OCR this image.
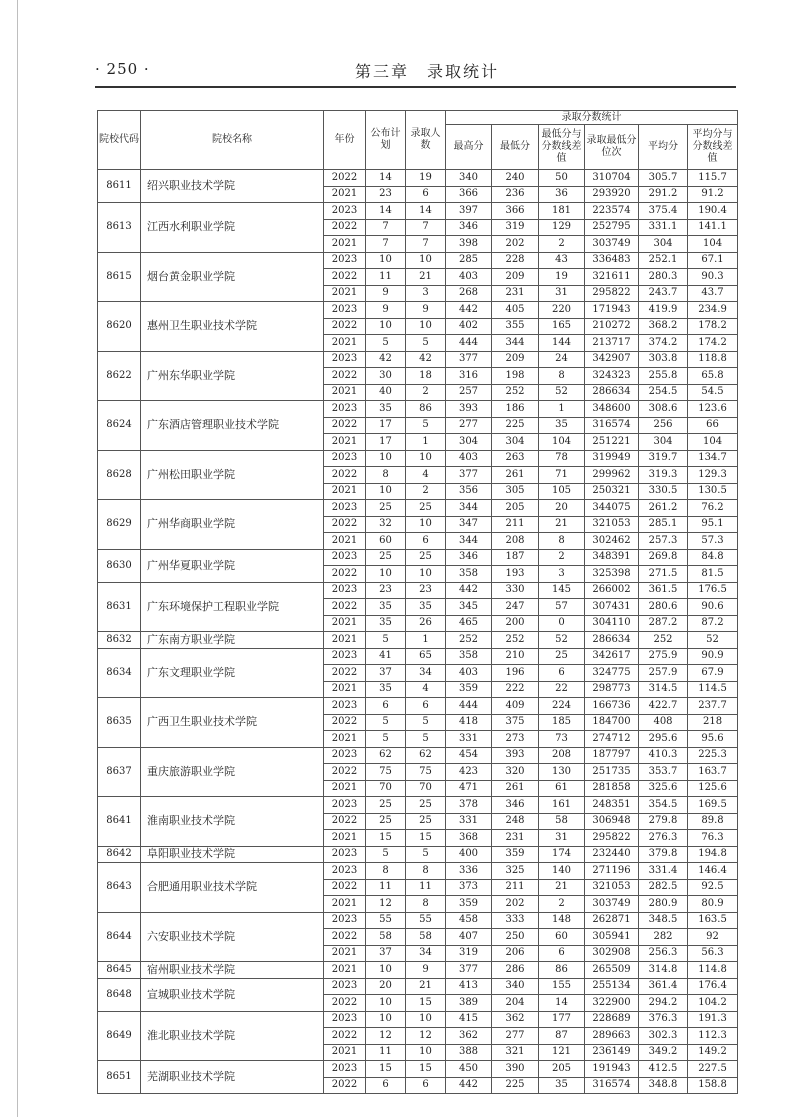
· 250 ·	第三章　录取统计
院校代码	院校名称	年份	公布计划	录取人数	录取分数统计					
					最高分	最低分	最低分与分数线差值	录取最低分位次	平均分	平均分与分数线差值
8611	绍兴职业技术学院	2022	14	19	340	240	50	310704	305.7	115.7
		2021	23	6	366	236	36	293920	291.2	91.2
8613	江西水利职业学院	2023	14	14	397	366	181	223574	375.4	190.4
		2022	7	7	346	319	129	252795	331.1	141.1
		2021	7	7	398	202	2	303749	304	104
8615	烟台黄金职业学院	2023	10	10	285	228	43	336483	252.1	67.1
		2022	11	21	403	209	19	321611	280.3	90.3
		2021	9	3	268	231	31	295822	243.7	43.7
8620	惠州卫生职业技术学院	2023	9	9	442	405	220	171943	419.9	234.9
		2022	10	10	402	355	165	210272	368.2	178.2
		2021	5	5	444	344	144	213717	374.2	174.2
8622	广州东华职业学院	2023	42	42	377	209	24	342907	303.8	118.8
		2022	30	18	316	198	8	324323	255.8	65.8
		2021	40	2	257	252	52	286634	254.5	54.5
8624	广东酒店管理职业技术学院	2023	35	86	393	186	1	348600	308.6	123.6
		2022	17	5	277	225	35	316574	256	66
		2021	17	1	304	304	104	251221	304	104
8628	广州松田职业学院	2023	10	10	403	263	78	319949	319.7	134.7
		2022	8	4	377	261	71	299962	319.3	129.3
		2021	10	2	356	305	105	250321	330.5	130.5
8629	广州华商职业学院	2023	25	25	344	205	20	344075	261.2	76.2
		2022	32	10	347	211	21	321053	285.1	95.1
		2021	60	6	344	208	8	302462	257.3	57.3
8630	广州华夏职业学院	2023	25	25	346	187	2	348391	269.8	84.8
		2022	10	10	358	193	3	325398	271.5	81.5
8631	广东环境保护工程职业学院	2023	23	23	442	330	145	266002	361.5	176.5
		2022	35	35	345	247	57	307431	280.6	90.6
		2021	35	26	465	200	0	304110	287.2	87.2
8632	广东南方职业学院	2021	5	1	252	252	52	286634	252	52
8634	广东文理职业学院	2023	41	65	358	210	25	342617	275.9	90.9
		2022	37	34	403	196	6	324775	257.9	67.9
		2021	35	4	359	222	22	298773	314.5	114.5
8635	广西卫生职业技术学院	2023	6	6	444	409	224	166736	422.7	237.7
		2022	5	5	418	375	185	184700	408	218
		2021	5	5	331	273	73	274712	295.6	95.6
8637	重庆旅游职业学院	2023	62	62	454	393	208	187797	410.3	225.3
		2022	75	75	423	320	130	251735	353.7	163.7
		2021	70	70	471	261	61	281858	325.6	125.6
8641	淮南职业技术学院	2023	25	25	378	346	161	248351	354.5	169.5
		2022	25	25	331	248	58	306948	279.8	89.8
		2021	15	15	368	231	31	295822	276.3	76.3
8642	阜阳职业技术学院	2023	5	5	400	359	174	232440	379.8	194.8
8643	合肥通用职业技术学院	2023	8	8	336	325	140	271196	331.4	146.4
		2022	11	11	373	211	21	321053	282.5	92.5
		2021	12	8	359	202	2	303749	280.9	80.9
8644	六安职业技术学院	2023	55	55	458	333	148	262871	348.5	163.5
		2022	58	58	407	250	60	305941	282	92
		2021	37	34	319	206	6	302908	256.3	56.3
8645	宿州职业技术学院	2021	10	9	377	286	86	265509	314.8	114.8
8648	宣城职业技术学院	2023	20	21	413	340	155	255134	361.4	176.4
		2022	10	15	389	204	14	322900	294.2	104.2
8649	淮北职业技术学院	2023	10	10	415	362	177	228689	376.3	191.3
		2022	12	12	362	277	87	289663	302.3	112.3
		2021	11	10	388	321	121	236149	349.2	149.2
8651	芜湖职业技术学院	2023	15	15	450	390	205	191943	412.5	227.5
		2022	6	6	442	225	35	316574	348.8	158.8
